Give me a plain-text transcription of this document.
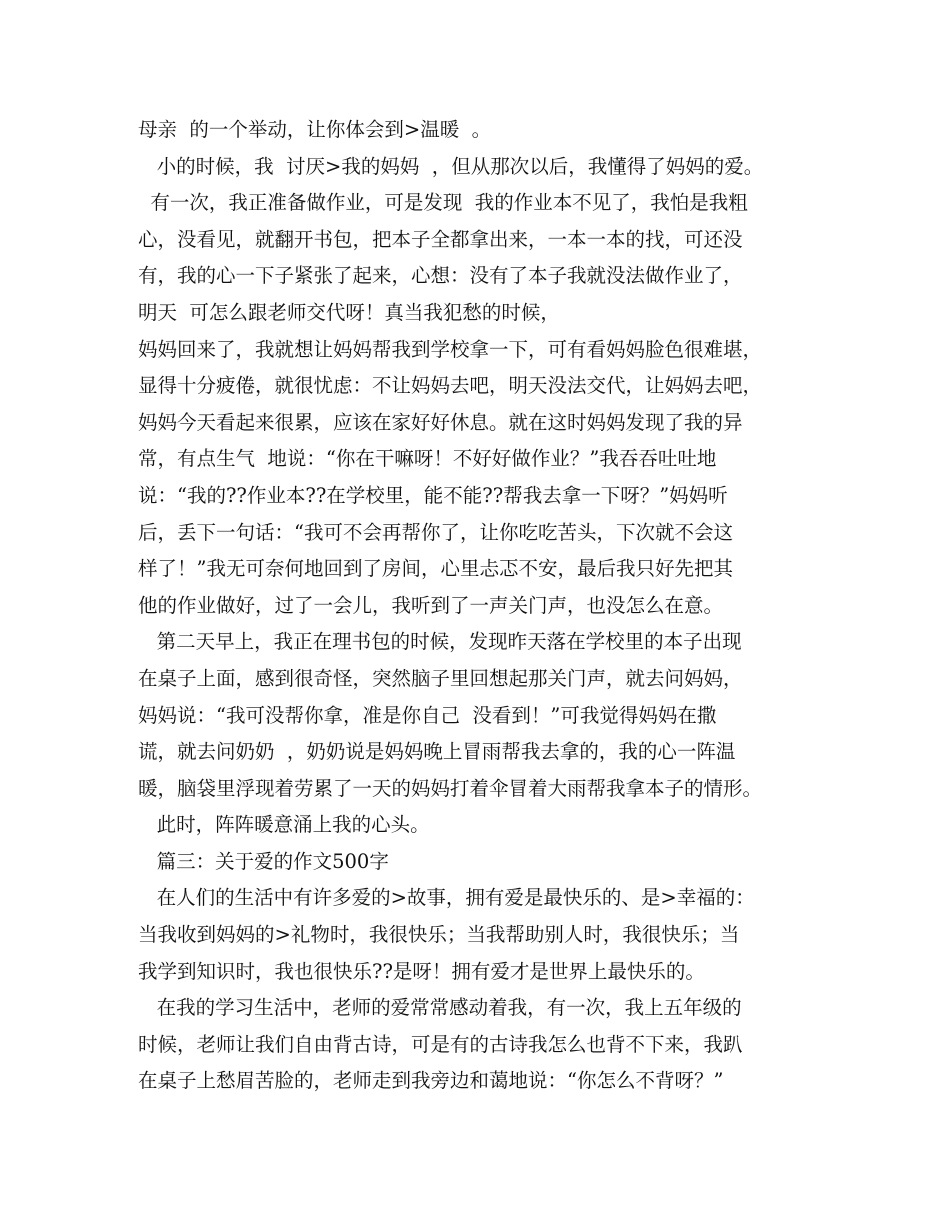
母亲  的一个举动，让你体会到>温暖  。
小的时候，我  讨厌>我的妈妈  ，但从那次以后，我懂得了妈妈的爱。
有一次，我正准备做作业，可是发现  我的作业本不见了，我怕是我粗
心，没看见，就翻开书包，把本子全都拿出来，一本一本的找，可还没
有，我的心一下子紧张了起来，心想：没有了本子我就没法做作业了，
明天  可怎么跟老师交代呀！真当我犯愁的时候，
妈妈回来了，我就想让妈妈帮我到学校拿一下，可有看妈妈脸色很难堪，
显得十分疲倦，就很忧虑：不让妈妈去吧，明天没法交代，让妈妈去吧，
妈妈今天看起来很累，应该在家好好休息。就在这时妈妈发现了我的异
常，有点生气  地说：“你在干嘛呀！不好好做作业？”我吞吞吐吐地
说：“我的??作业本??在学校里，能不能??帮我去拿一下呀？”妈妈听
后，丢下一句话：“我可不会再帮你了，让你吃吃苦头，下次就不会这
样了！”我无可奈何地回到了房间，心里忐忑不安，最后我只好先把其
他的作业做好，过了一会儿，我听到了一声关门声，也没怎么在意。
第二天早上，我正在理书包的时候，发现昨天落在学校里的本子出现
在桌子上面，感到很奇怪，突然脑子里回想起那关门声，就去问妈妈，
妈妈说：“我可没帮你拿，准是你自己  没看到！”可我觉得妈妈在撒
谎，就去问奶奶  ，奶奶说是妈妈晚上冒雨帮我去拿的，我的心一阵温
暖，脑袋里浮现着劳累了一天的妈妈打着伞冒着大雨帮我拿本子的情形。
此时，阵阵暖意涌上我的心头。
篇三：关于爱的作文500字
在人们的生活中有许多爱的>故事，拥有爱是最快乐的、是>幸福的：
当我收到妈妈的>礼物时，我很快乐；当我帮助别人时，我很快乐；当
我学到知识时，我也很快乐??是呀！拥有爱才是世界上最快乐的。
在我的学习生活中，老师的爱常常感动着我，有一次，我上五年级的
时候，老师让我们自由背古诗，可是有的古诗我怎么也背不下来，我趴
在桌子上愁眉苦脸的，老师走到我旁边和蔼地说：“你怎么不背呀？”
